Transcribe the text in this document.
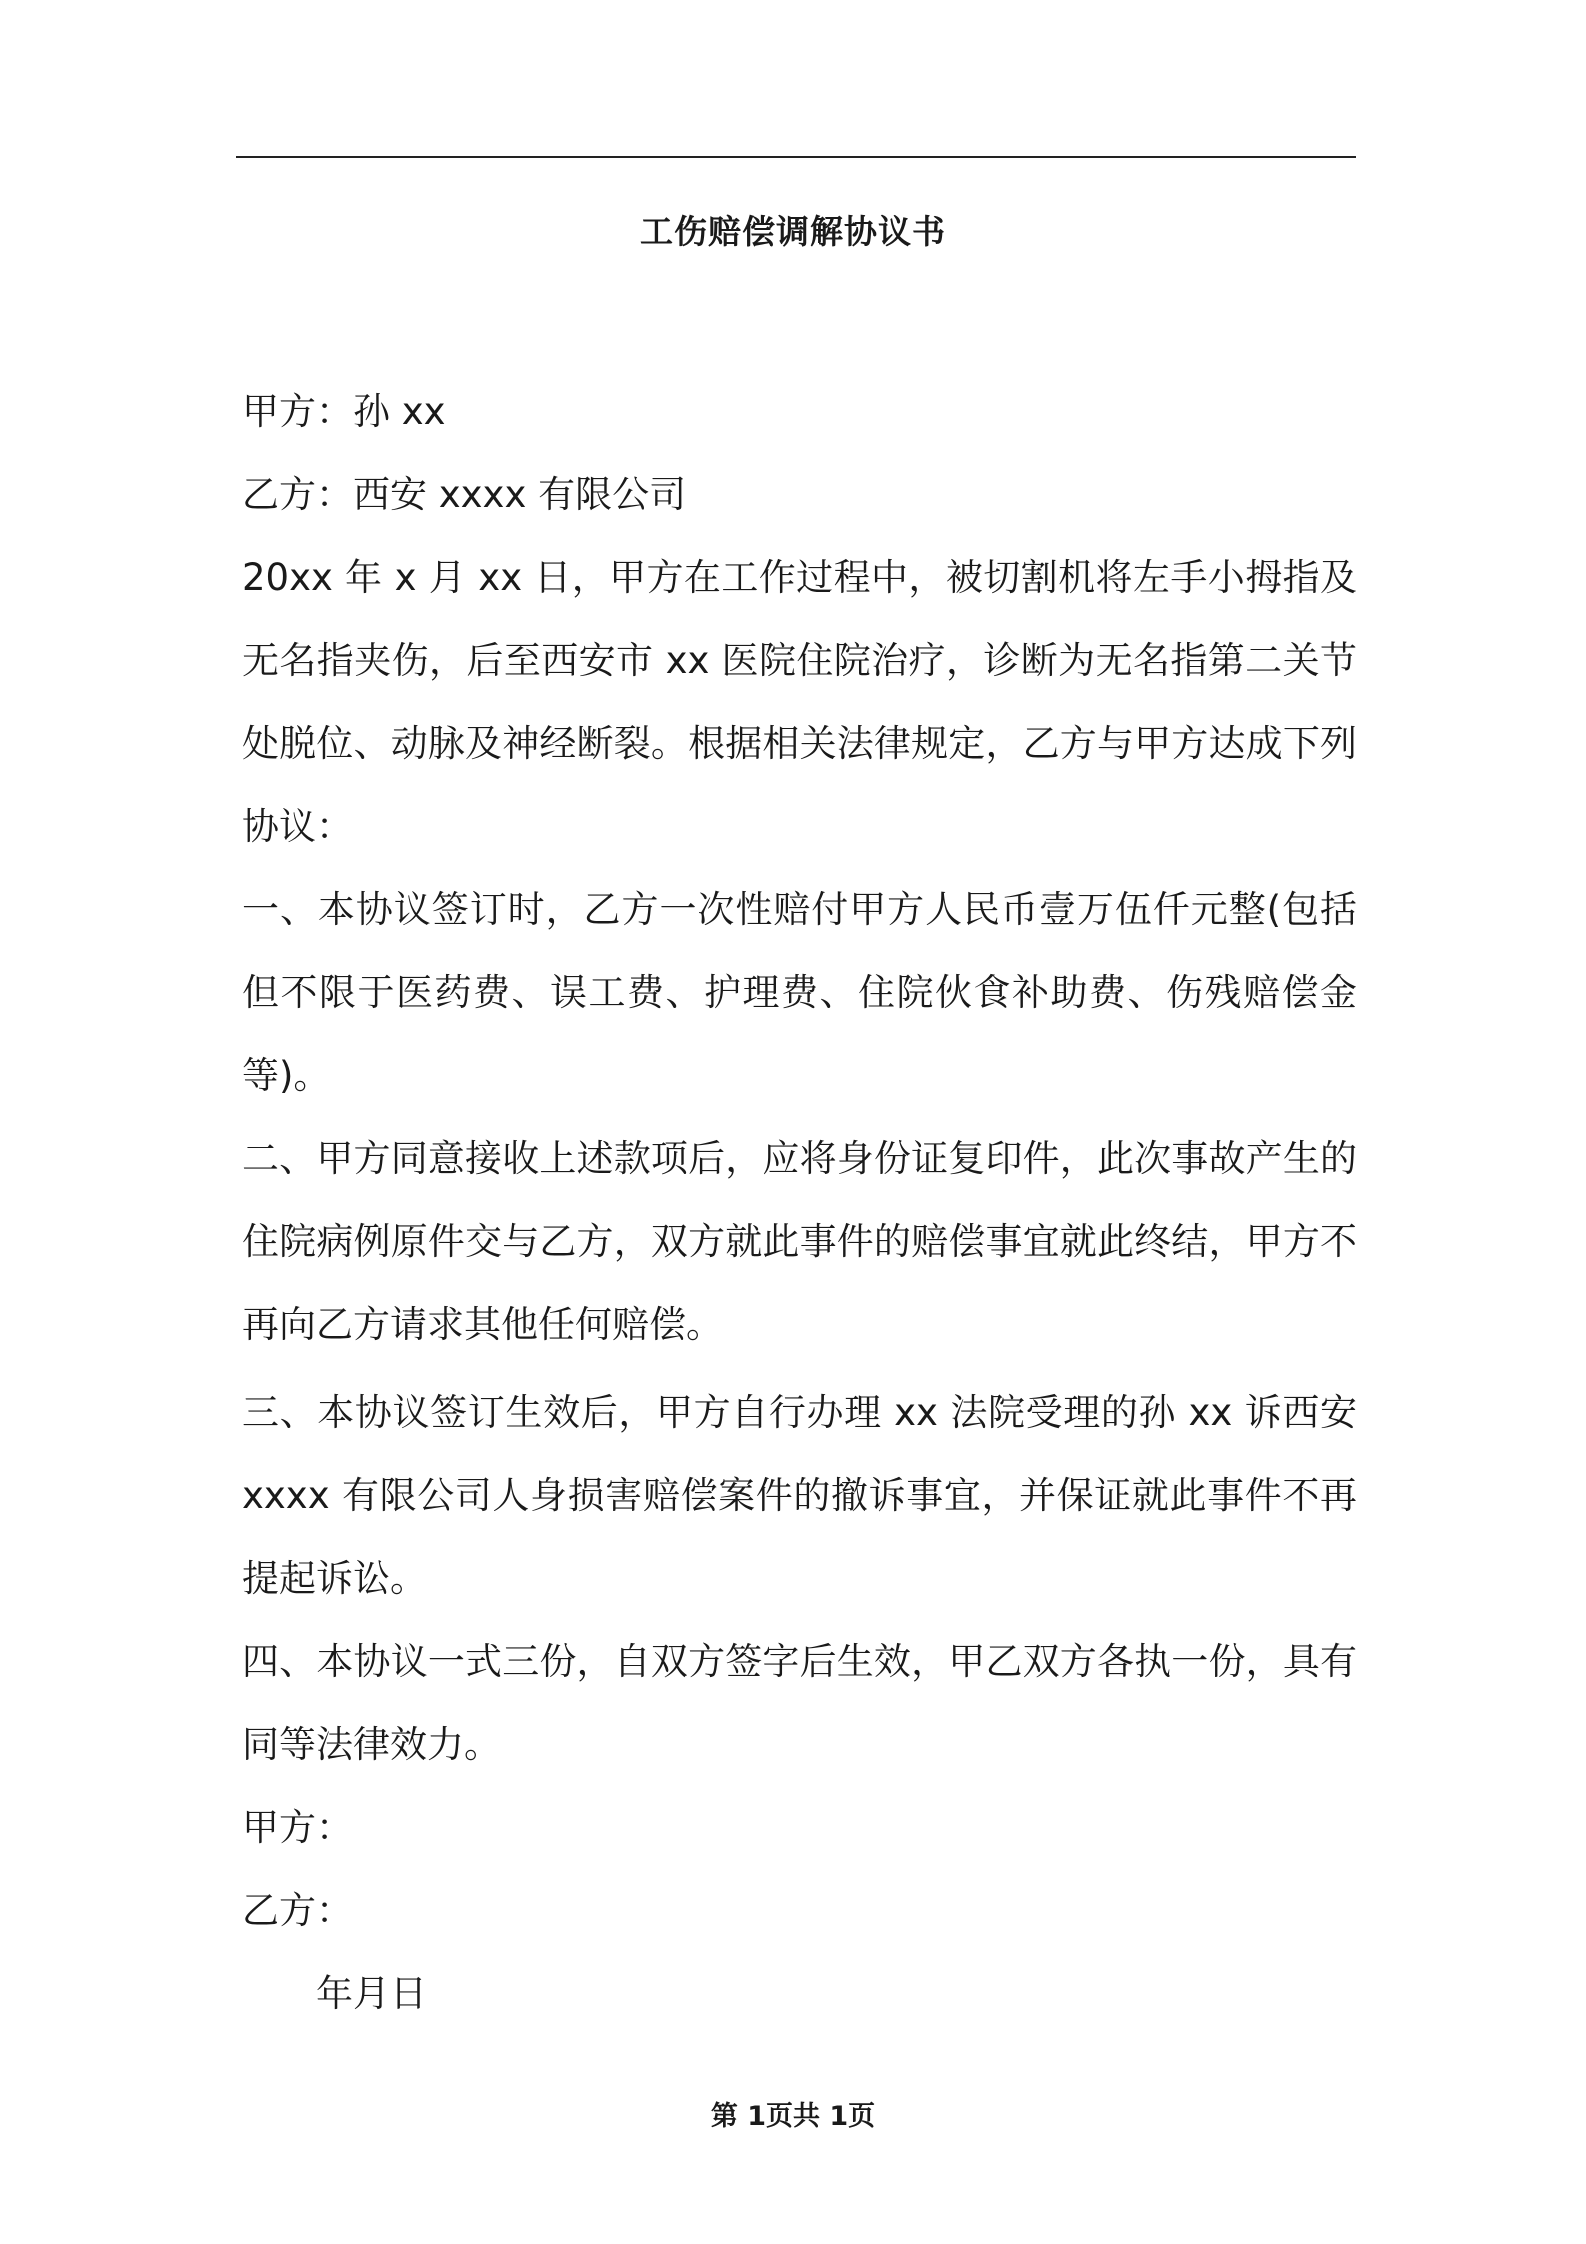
工伤赔偿调解协议书

甲方：孙 xx

乙方：西安 xxxx 有限公司

20xx 年 x 月 xx 日，甲方在工作过程中，被切割机将左手小拇指及无名指夹伤，后至西安市 xx 医院住院治疗，诊断为无名指第二关节处脱位、动脉及神经断裂。根据相关法律规定，乙方与甲方达成下列协议：

一、本协议签订时，乙方一次性赔付甲方人民币壹万伍仟元整(包括但不限于医药费、误工费、护理费、住院伙食补助费、伤残赔偿金等)。

二、甲方同意接收上述款项后，应将身份证复印件，此次事故产生的住院病例原件交与乙方，双方就此事件的赔偿事宜就此终结，甲方不再向乙方请求其他任何赔偿。

三、本协议签订生效后，甲方自行办理 xx 法院受理的孙 xx 诉西安 xxxx 有限公司人身损害赔偿案件的撤诉事宜，并保证就此事件不再提起诉讼。

四、本协议一式三份，自双方签字后生效，甲乙双方各执一份，具有同等法律效力。

甲方：

乙方：

年月日

第 1页共 1页
